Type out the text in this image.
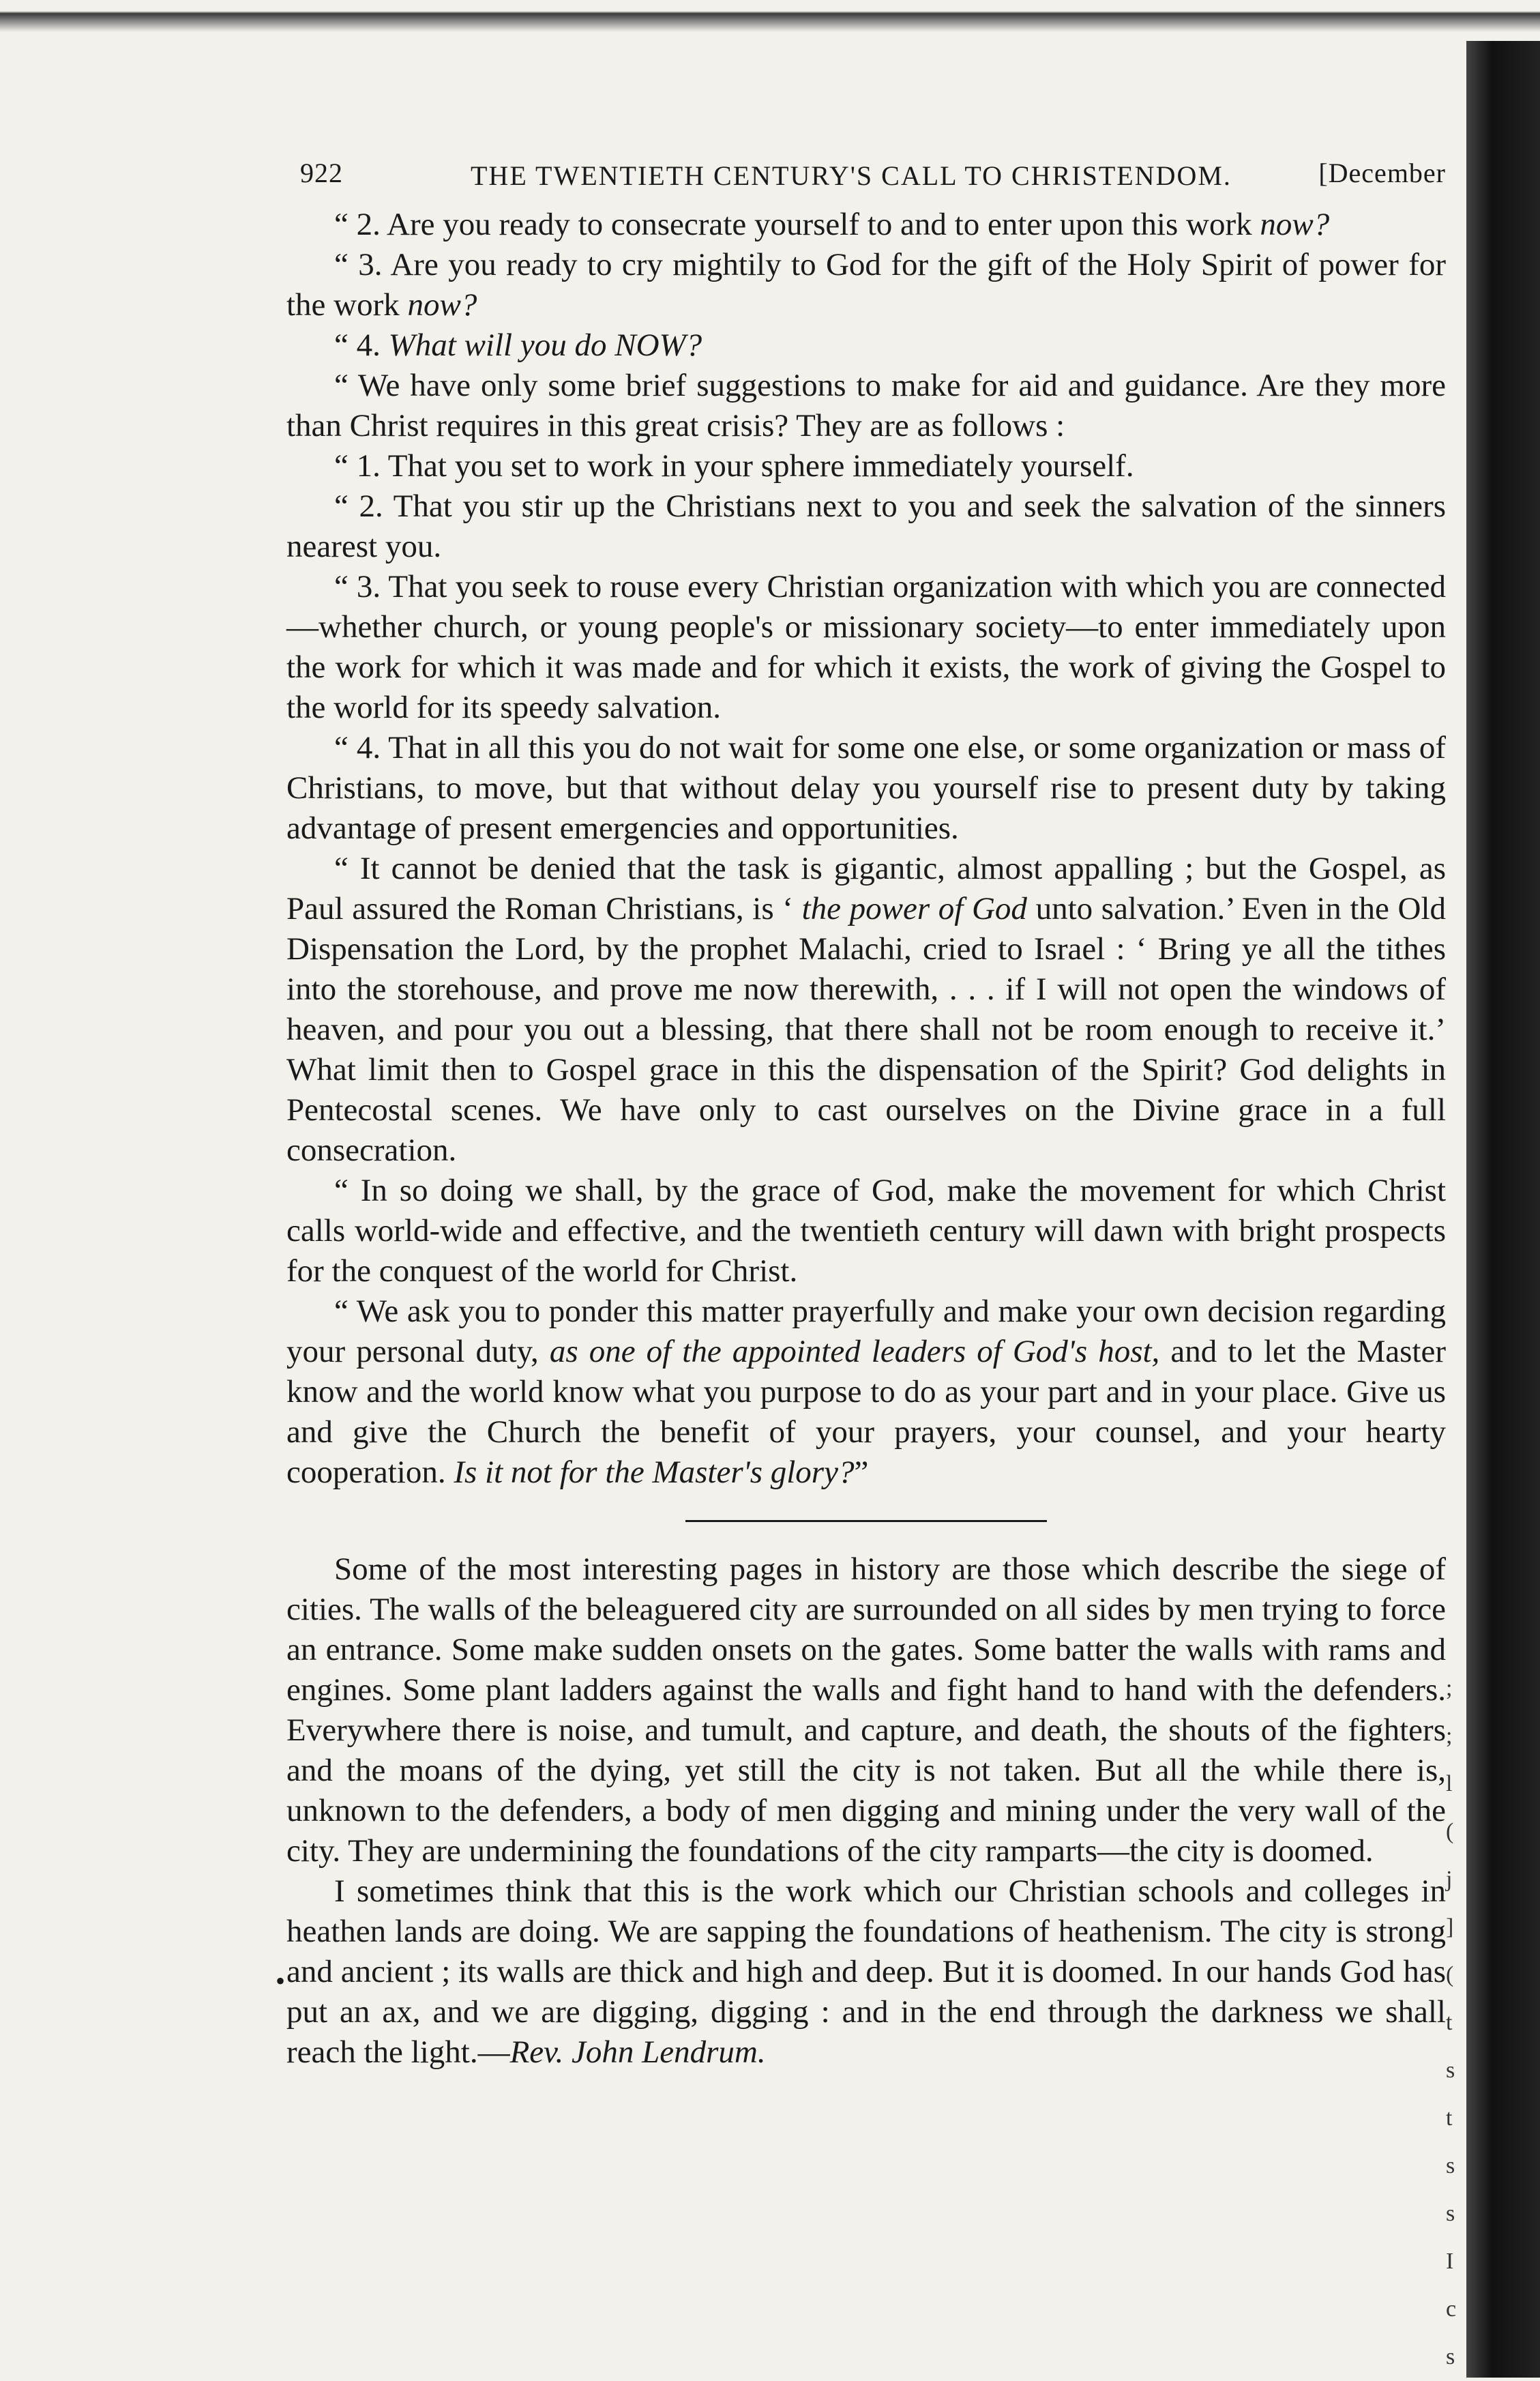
922	THE TWENTIETH CENTURY'S CALL TO CHRISTENDOM.	[December

“ 2. Are you ready to consecrate yourself to and to enter upon this work now?

“ 3. Are you ready to cry mightily to God for the gift of the Holy Spirit of power for the work now?

“ 4. What will you do NOW?

“ We have only some brief suggestions to make for aid and guidance. Are they more than Christ requires in this great crisis? They are as follows :

“ 1. That you set to work in your sphere immediately yourself.

“ 2. That you stir up the Christians next to you and seek the salvation of the sinners nearest you.

“ 3. That you seek to rouse every Christian organization with which you are connected—whether church, or young people's or missionary society—to enter immediately upon the work for which it was made and for which it exists, the work of giving the Gospel to the world for its speedy salvation.

“ 4. That in all this you do not wait for some one else, or some organization or mass of Christians, to move, but that without delay you yourself rise to present duty by taking advantage of present emergencies and opportunities.

“ It cannot be denied that the task is gigantic, almost appalling ; but the Gospel, as Paul assured the Roman Christians, is ‘ the power of God unto salvation.’ Even in the Old Dispensation the Lord, by the prophet Malachi, cried to Israel : ‘ Bring ye all the tithes into the storehouse, and prove me now therewith, . . . if I will not open the windows of heaven, and pour you out a blessing, that there shall not be room enough to receive it.’ What limit then to Gospel grace in this the dispensation of the Spirit? God delights in Pentecostal scenes. We have only to cast ourselves on the Divine grace in a full consecration.

“ In so doing we shall, by the grace of God, make the movement for which Christ calls world-wide and effective, and the twentieth century will dawn with bright prospects for the conquest of the world for Christ.

“ We ask you to ponder this matter prayerfully and make your own decision regarding your personal duty, as one of the appointed leaders of God's host, and to let the Master know and the world know what you purpose to do as your part and in your place. Give us and give the Church the benefit of your prayers, your counsel, and your hearty cooperation. Is it not for the Master's glory?”

Some of the most interesting pages in history are those which describe the siege of cities. The walls of the beleaguered city are surrounded on all sides by men trying to force an entrance. Some make sudden onsets on the gates. Some batter the walls with rams and engines. Some plant ladders against the walls and fight hand to hand with the defenders. Everywhere there is noise, and tumult, and capture, and death, the shouts of the fighters and the moans of the dying, yet still the city is not taken. But all the while there is, unknown to the defenders, a body of men digging and mining under the very wall of the city. They are undermining the foundations of the city ramparts—the city is doomed.

I sometimes think that this is the work which our Christian schools and colleges in heathen lands are doing. We are sapping the foundations of heathenism. The city is strong and ancient ; its walls are thick and high and deep. But it is doomed. In our hands God has put an ax, and we are digging, digging : and in the end through the darkness we shall reach the light.—Rev. John Lendrum.

•
;
;
l
(
j
]
(
t
s
t
s
s
I
c
s
